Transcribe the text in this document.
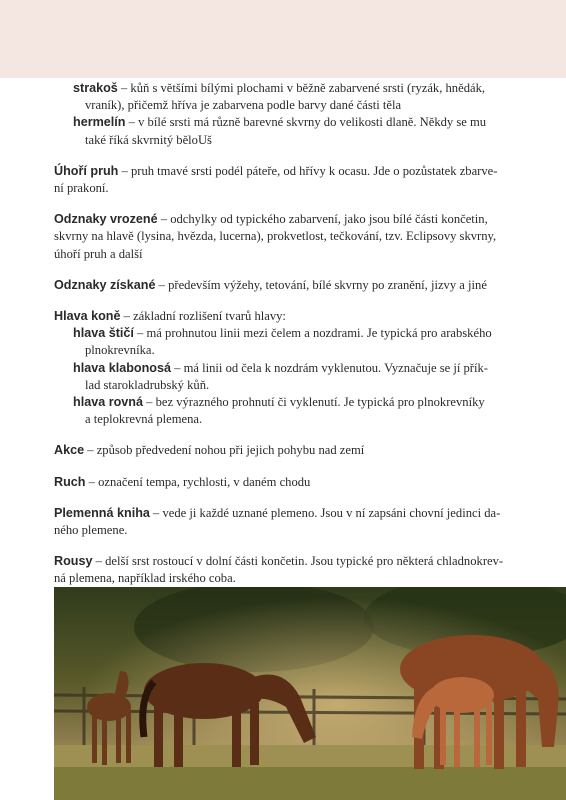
strakoš – kůň s většími bílými plochami v běžně zabarvené srsti (ryzák, hnědák,

vraník), přičemž hříva je zabarvena podle barvy dané části těla

hermelín – v bílé srsti má různě barevné skvrny do velikosti dlaně. Někdy se mu

také říká skvrnitý běloUš

Úhoří pruh – pruh tmavé srsti podél páteře, od hřívy k ocasu. Jde o pozůstatek zbarve-

ní prakoní.

Odznaky vrozené – odchylky od typického zabarvení, jako jsou bílé části končetin,

skvrny na hlavě (lysina, hvězda, lucerna), prokvetlost, tečkování, tzv. Eclipsovy skvrny,

úhoří pruh a další

Odznaky získané – především výžehy, tetování, bílé skvrny po zranění, jizvy a jiné

Hlava koně – základní rozlišení tvarů hlavy:

hlava štičí – má prohnutou linii mezi čelem a nozdrami. Je typická pro arabského

plnokrevníka.

hlava klabonosá – má linii od čela k nozdrám vyklenutou. Vyznačuje se jí přík-

lad starokladrubský kůň.

hlava rovná – bez výrazného prohnutí či vyklenutí. Je typická pro plnokrevníky

a teplokrevná plemena.

Akce – způsob předvedení nohou při jejich pohybu nad zemí

Ruch – označení tempa, rychlosti, v daném chodu

Plemenná kniha – vede ji každé uznané plemeno. Jsou v ní zapsáni chovní jedinci da-

ného plemene.

Rousy – delší srst rostoucí v dolní části končetin. Jsou typické pro některá chladnokrev-

ná plemena, například irského coba.
